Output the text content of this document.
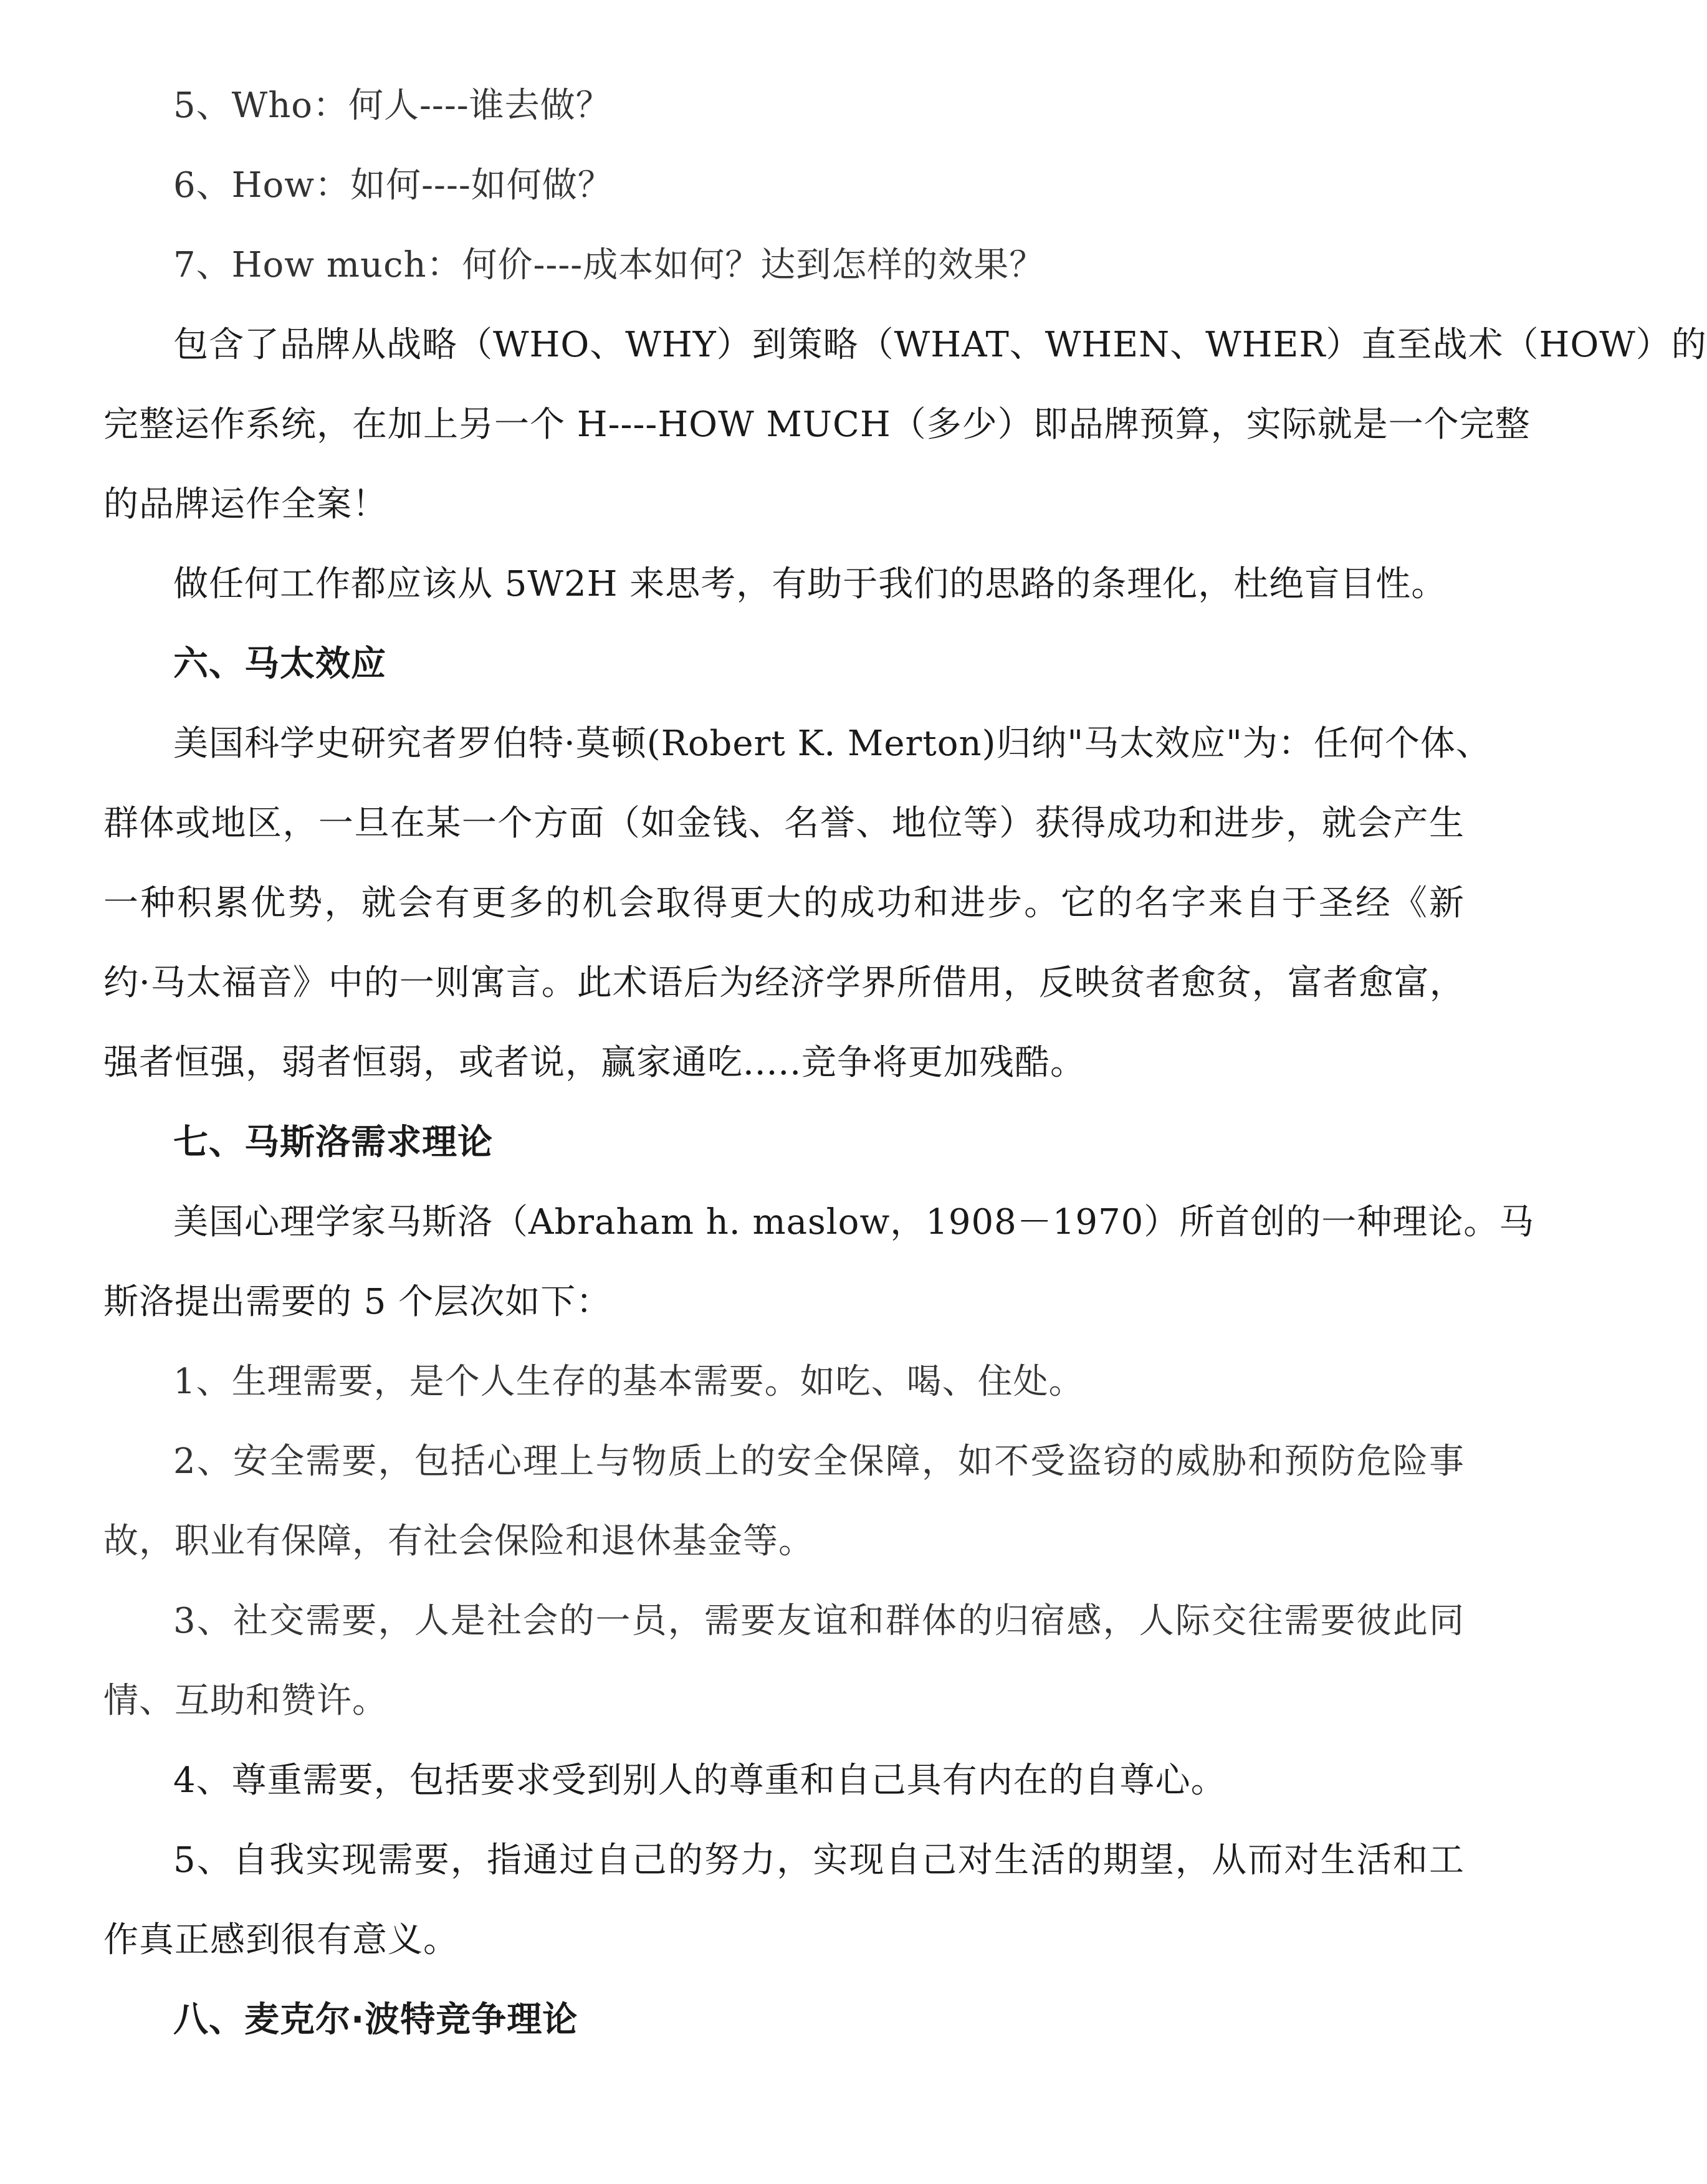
5、Who：何人----谁去做？
6、How：如何----如何做？
7、How much：何价----成本如何？达到怎样的效果？
包含了品牌从战略（WHO、WHY）到策略（WHAT、WHEN、WHER）直至战术（HOW）的
完整运作系统，在加上另一个 H----HOW MUCH（多少）即品牌预算，实际就是一个完整
的品牌运作全案！
做任何工作都应该从 5W2H 来思考，有助于我们的思路的条理化，杜绝盲目性。
六、马太效应
美国科学史研究者罗伯特·莫顿(Robert K. Merton)归纳"马太效应"为：任何个体、
群体或地区，一旦在某一个方面（如金钱、名誉、地位等）获得成功和进步，就会产生
一种积累优势，就会有更多的机会取得更大的成功和进步。它的名字来自于圣经《新
约·马太福音》中的一则寓言。此术语后为经济学界所借用，反映贫者愈贫，富者愈富，
强者恒强，弱者恒弱，或者说，赢家通吃.....竞争将更加残酷。
七、马斯洛需求理论
美国心理学家马斯洛（Abraham h. maslow，1908－1970）所首创的一种理论。马
斯洛提出需要的 5 个层次如下：
1、生理需要，是个人生存的基本需要。如吃、喝、住处。
2、安全需要，包括心理上与物质上的安全保障，如不受盗窃的威胁和预防危险事
故，职业有保障，有社会保险和退休基金等。
3、社交需要，人是社会的一员，需要友谊和群体的归宿感，人际交往需要彼此同
情、互助和赞许。
4、尊重需要，包括要求受到别人的尊重和自己具有内在的自尊心。
5、自我实现需要，指通过自己的努力，实现自己对生活的期望，从而对生活和工
作真正感到很有意义。
八、麦克尔·波特竞争理论
